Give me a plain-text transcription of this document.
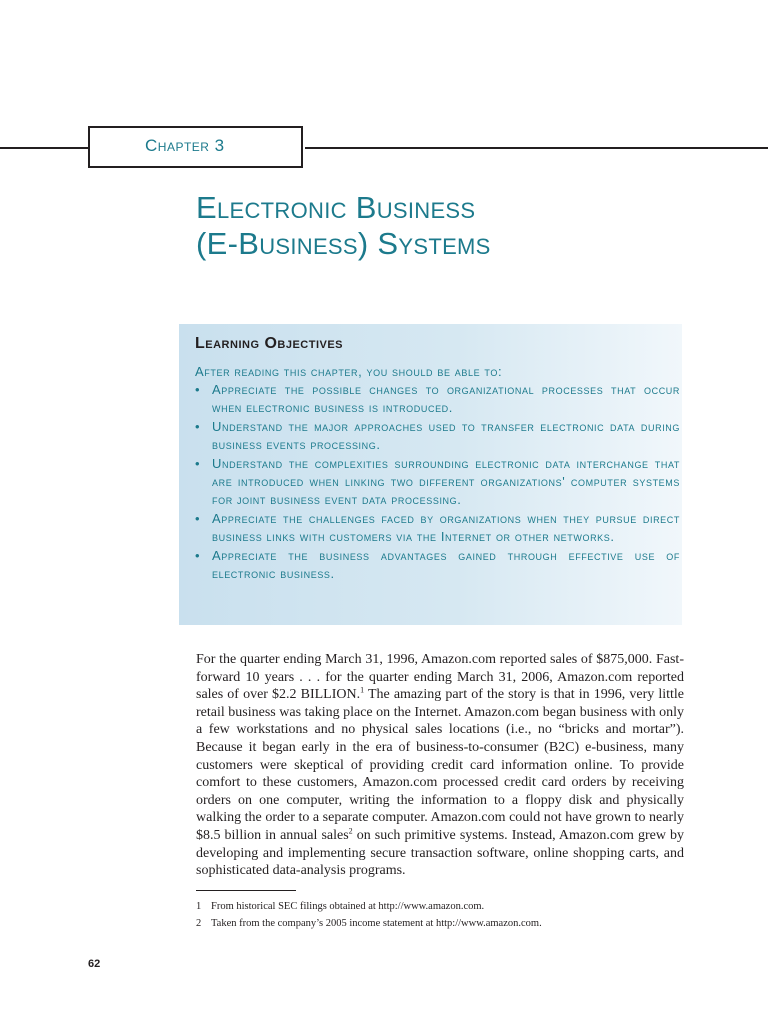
Chapter 3
Electronic Business
(E-Business) Systems
Learning Objectives
After reading this chapter, you should be able to:
• Appreciate the possible changes to organizational processes that occur when electronic business is introduced.
• Understand the major approaches used to transfer electronic data during business events processing.
• Understand the complexities surrounding electronic data interchange that are introduced when linking two different organizations' computer systems for joint business event data processing.
• Appreciate the challenges faced by organizations when they pursue direct business links with customers via the Internet or other networks.
• Appreciate the business advantages gained through effective use of electronic business.

For the quarter ending March 31, 1996, Amazon.com reported sales of $875,000. Fast-forward 10 years . . . for the quarter ending March 31, 2006, Amazon.com reported sales of over $2.2 BILLION.$^1$ The amazing part of the story is that in 1996, very little retail business was taking place on the Internet. Amazon.com began business with only a few workstations and no physical sales locations (i.e., no “bricks and mortar”). Because it began early in the era of business-to-consumer (B2C) e-business, many customers were skeptical of providing credit card information online. To provide comfort to these customers, Amazon.com processed credit card orders by receiving orders on one computer, writing the information to a floppy disk and physically walking the order to a separate computer. Amazon.com could not have grown to nearly $8.5 billion in annual sales$^2$ on such primitive systems. Instead, Amazon.com grew by developing and implementing secure transaction software, online shopping carts, and sophisticated data-analysis programs.

1 From historical SEC filings obtained at http://www.amazon.com.
2 Taken from the company’s 2005 income statement at http://www.amazon.com.
62
